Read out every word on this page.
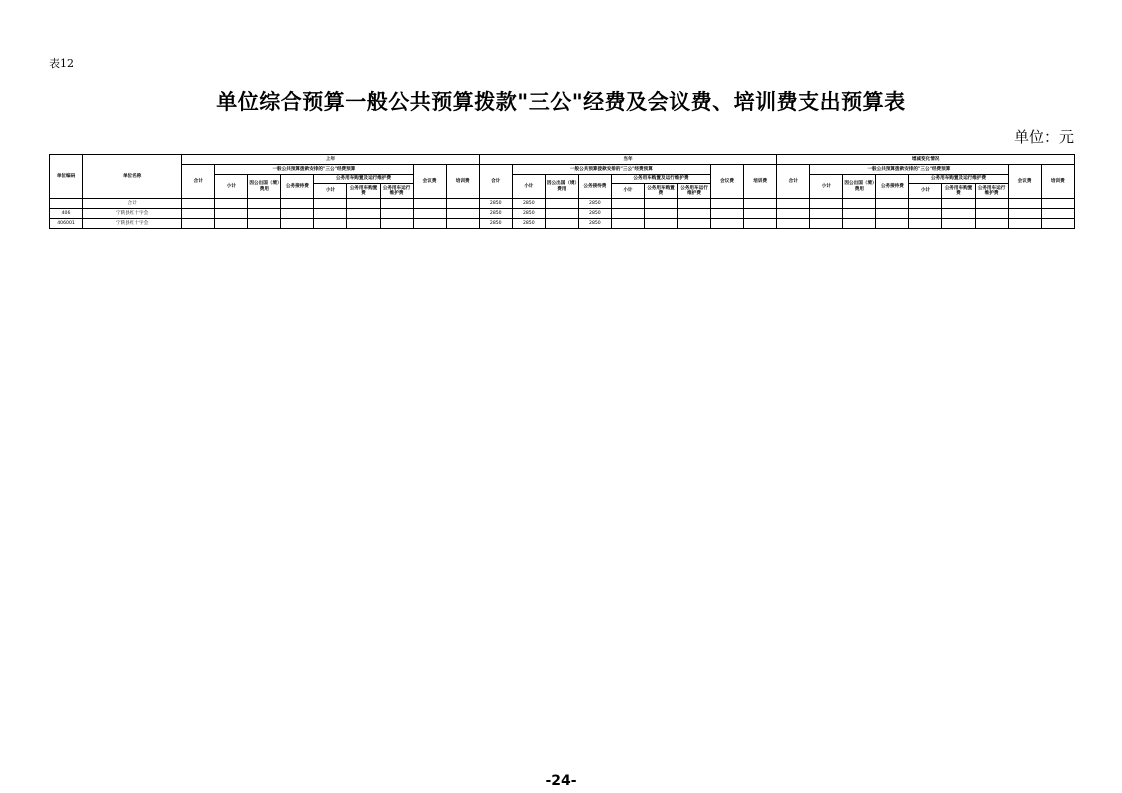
表12
单位综合预算一般公共预算拨款"三公"经费及会议费、培训费支出预算表
单位：元
单位编码	单位名称	上年									当年									增减变化情况								
		合计	一般公共预算拨款安排的"三公"经费预算						会议费	培训费	合计	一般公共预算拨款安排的"三公"经费预算						会议费	培训费	合计	一般公共预算拨款安排的"三公"经费预算						会议费	培训费
			小计	因公出国（境）费用	公务接待费	公务用车购置及运行维护费						小计	因公出国（境）费用	公务接待费	公务用车购置及运行维护费						小计	因公出国（境）费用	公务接待费	公务用车购置及运行维护费				
						小计	公务用车购置费	公务用车运行维护费							小计	公务用车购置费	公务用车运行维护费							小计	公务用车购置费	公务用车运行维护费		
	合计										2850	2850		2850														
406	宁陕县红十字会										2850	2850		2850														
406001	宁陕县红十字会										2850	2850		2850														
-24-
